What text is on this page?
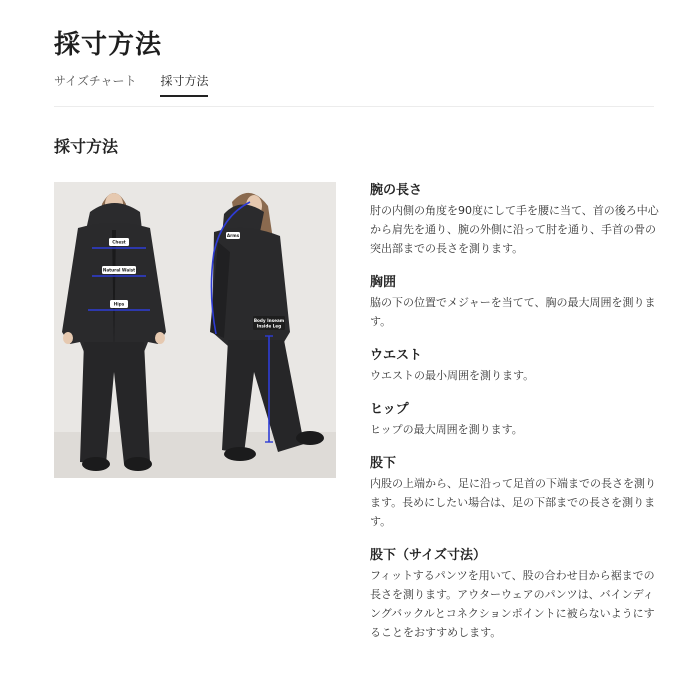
採寸方法
サイズチャート 採寸方法
採寸方法
Chest
Natural Waist
Hips
Arms
Body Inseam
Inside Leg

腕の長さ

肘の内側の角度を90度にして手を腰に当て、首の後ろ中心から肩先を通り、腕の外側に沿って肘を通り、手首の骨の突出部までの長さを測ります。

胸囲

脇の下の位置でメジャーを当てて、胸の最大周囲を測ります。

ウエスト

ウエストの最小周囲を測ります。

ヒップ

ヒップの最大周囲を測ります。

股下

内股の上端から、足に沿って足首の下端までの長さを測ります。長めにしたい場合は、足の下部までの長さを測ります。

股下（サイズ寸法）

フィットするパンツを用いて、股の合わせ目から裾までの長さを測ります。アウターウェアのパンツは、バインディングバックルとコネクションポイントに被らないようにすることをおすすめします。
